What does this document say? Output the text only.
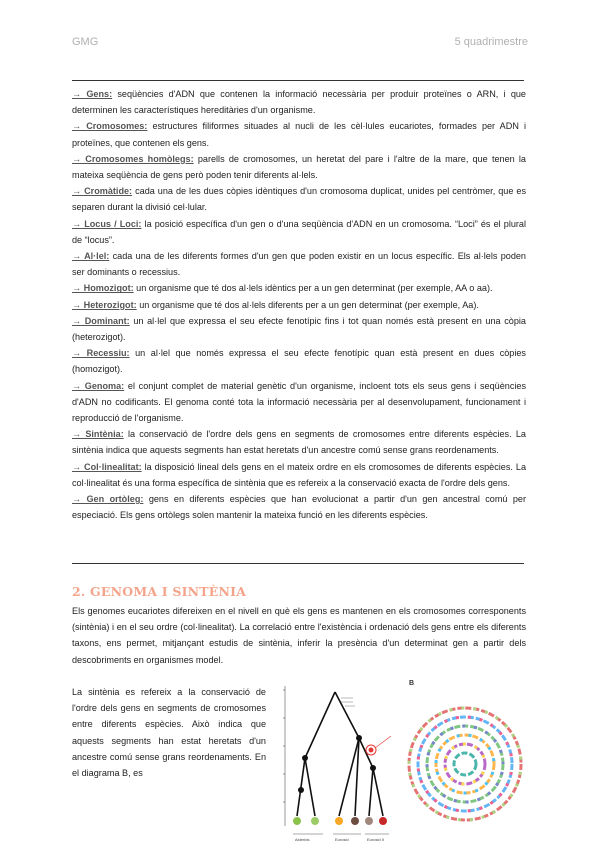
GMG	5 quadrimestre

→ Gens: seqüències d'ADN que contenen la informació necessària per produir proteïnes o ARN, i que determinen les característiques hereditàries d'un organisme.

→ Cromosomes: estructures filiformes situades al nucli de les cèl·lules eucariotes, formades per ADN i proteïnes, que contenen els gens.

→ Cromosomes homòlegs: parells de cromosomes, un heretat del pare i l'altre de la mare, que tenen la mateixa seqüència de gens però poden tenir diferents al·lels.

→ Cromàtide: cada una de les dues còpies idèntiques d'un cromosoma duplicat, unides pel centròmer, que es separen durant la divisió cel·lular.

→ Locus / Loci: la posició específica d'un gen o d'una seqüència d'ADN en un cromosoma. “Loci” és el plural de “locus”.

→ Al·lel: cada una de les diferents formes d'un gen que poden existir en un locus específic. Els al·lels poden ser dominants o recessius.

→ Homozigot: un organisme que té dos al·lels idèntics per a un gen determinat (per exemple, AA o aa).

→ Heterozigot: un organisme que té dos al·lels diferents per a un gen determinat (per exemple, Aa).

→ Dominant: un al·lel que expressa el seu efecte fenotípic fins i tot quan només està present en una còpia (heterozigot).

→ Recessiu: un al·lel que només expressa el seu efecte fenotípic quan està present en dues còpies (homozigot).

→ Genoma: el conjunt complet de material genètic d'un organisme, incloent tots els seus gens i seqüències d'ADN no codificants. El genoma conté tota la informació necessària per al desenvolupament, funcionament i reproducció de l'organisme.

→ Sintènia: la conservació de l'ordre dels gens en segments de cromosomes entre diferents espècies. La sintènia indica que aquests segments han estat heretats d'un ancestre comú sense grans reordenaments.

→ Col·linealitat: la disposició lineal dels gens en el mateix ordre en els cromosomes de diferents espècies. La col·linealitat és una forma específica de sintènia que es refereix a la conservació exacta de l'ordre dels gens.

→ Gen ortòleg: gens en diferents espècies que han evolucionat a partir d'un gen ancestral comú per especiació. Els gens ortòlegs solen mantenir la mateixa funció en les diferents espècies.

2. GENOMA I SINTÈNIA

Els genomes eucariotes difereixen en el nivell en què els gens es mantenen en els cromosomes corresponents (sintènia) i en el seu ordre (col·linealitat). La correlació entre l'existència i ordenació dels gens entre els diferents taxons, ens permet, mitjançant estudis de sintènia, inferir la presència d'un determinat gen a partir dels descobriments en organismes model.

La sintènia es refereix a la conservació de l'ordre dels gens en segments de cromosomes entre diferents espècies. Això indica que aquests segments han estat heretats d'un ancestre comú sense grans reordenaments. En el diagrama B, es

Asterids	Eurosid	Eurosid II
B
